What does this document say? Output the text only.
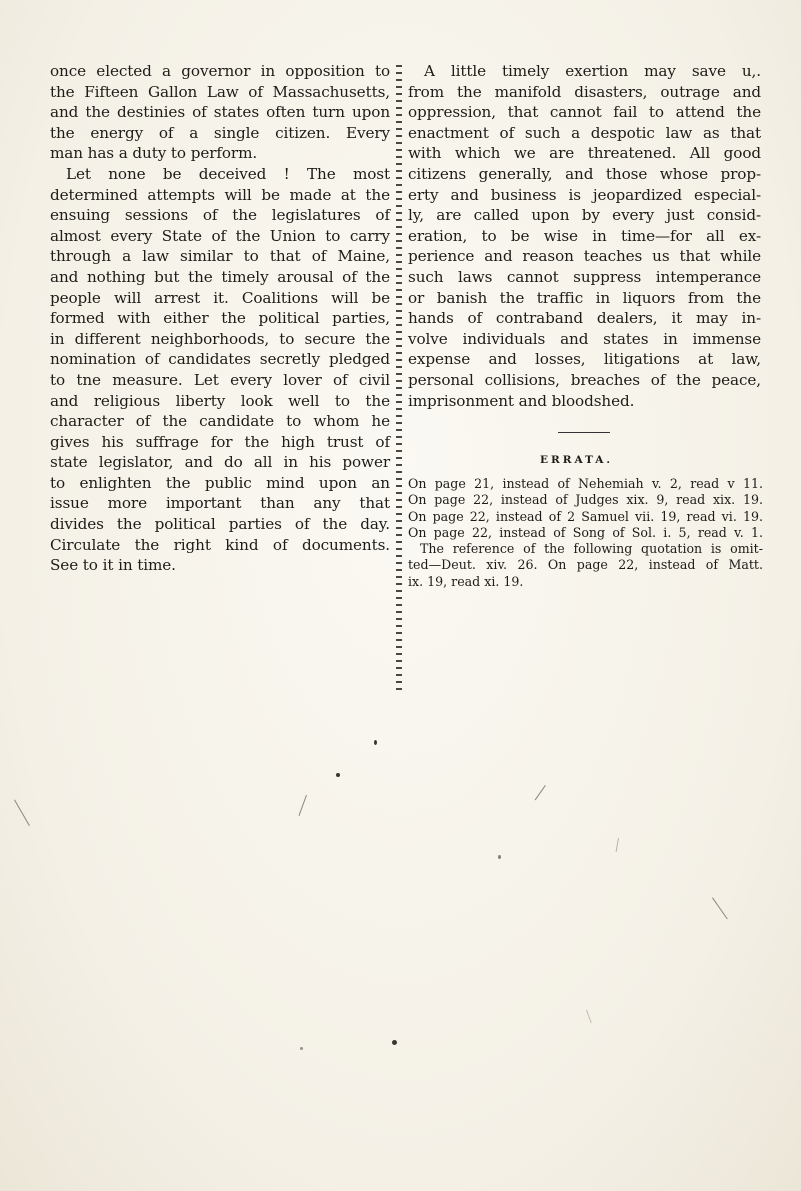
once elected a governor in opposition to
the Fifteen Gallon Law of Massachusetts,
and the destinies of states often turn upon
the energy of a single citizen. Every
man has a duty to perform.
Let none be deceived ! The most
determined attempts will be made at the
ensuing sessions of the legislatures of
almost every State of the Union to carry
through a law similar to that of Maine,
and nothing but the timely arousal of the
people will arrest it. Coalitions will be
formed with either the political parties,
in different neighborhoods, to secure the
nomination of candidates secretly pledged
to tne measure. Let every lover of civil
and religious liberty look well to the
character of the candidate to whom he
gives his suffrage for the high trust of
state legislator, and do all in his power
to enlighten the public mind upon an
issue more important than any that
divides the political parties of the day.
Circulate the right kind of documents.
See to it in time.
A little timely exertion may save u,.
from the manifold disasters, outrage and
oppression, that cannot fail to attend the
enactment of such a despotic law as that
with which we are threatened. All good
citizens generally, and those whose prop-
erty and business is jeopardized especial-
ly, are called upon by every just consid-
eration, to be wise in time—for all ex-
perience and reason teaches us that while
such laws cannot suppress intemperance
or banish the traffic in liquors from the
hands of contraband dealers, it may in-
volve individuals and states in immense
expense and losses, litigations at law,
personal collisions, breaches of the peace,
imprisonment and bloodshed.
ERRATA.
On page 21, instead of Nehemiah v. 2, read v 11.
On page 22, instead of Judges xix. 9, read xix. 19.
On page 22, instead of 2 Samuel vii. 19, read vi. 19.
On page 22, instead of Song of Sol. i. 5, read v. 1.
The reference of the following quotation is omit-
ted—Deut. xiv. 26. On page 22, instead of Matt.
ix. 19, read xi. 19.
